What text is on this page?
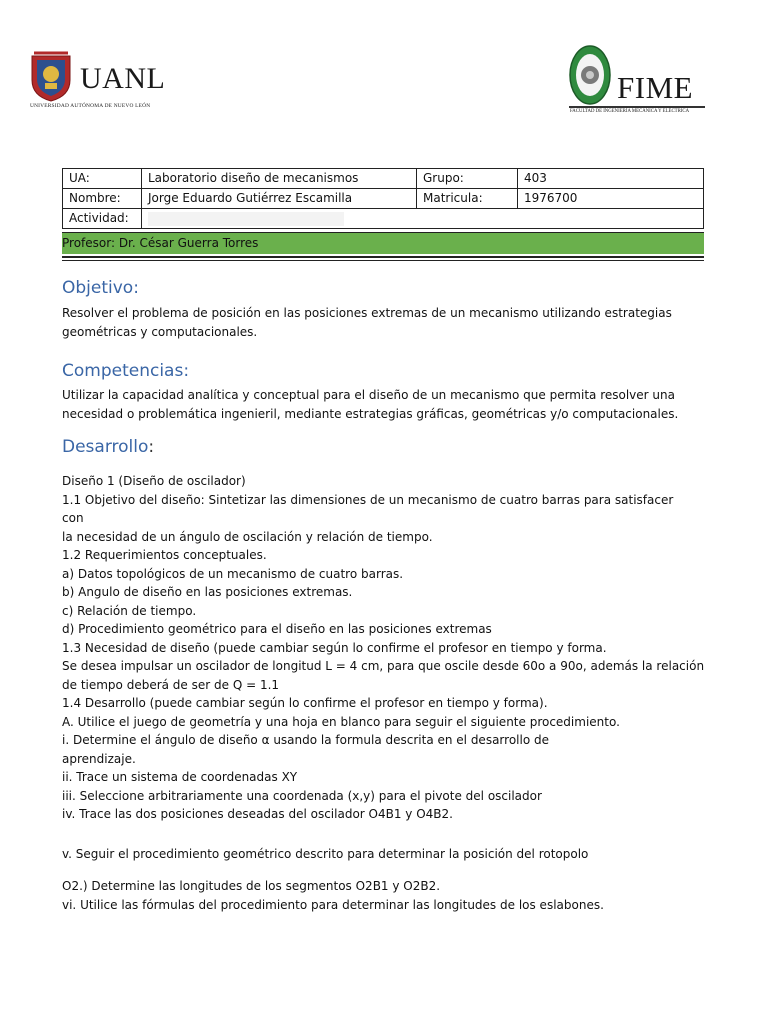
UANL
UNIVERSIDAD AUTÓNOMA DE NUEVO LEÓN
FIME
FACULTAD DE INGENIERÍA MECÁNICA Y ELÉCTRICA
UA:	Laboratorio diseño de mecanismos	Grupo:	403
Nombre:	Jorge Eduardo Gutiérrez Escamilla	Matricula:	1976700
Actividad:			
Profesor: Dr. César Guerra Torres
Objetivo:
Resolver el problema de posición en las posiciones extremas de un mecanismo utilizando estrategias
geométricas y computacionales.
Competencias:
Utilizar la capacidad analítica y conceptual para el diseño de un mecanismo que permita resolver una
necesidad o problemática ingenieril, mediante estrategias gráficas, geométricas y/o computacionales.
Desarrollo:
Diseño 1 (Diseño de oscilador)
1.1 Objetivo del diseño: Sintetizar las dimensiones de un mecanismo de cuatro barras para satisfacer
con
la necesidad de un ángulo de oscilación y relación de tiempo.
1.2 Requerimientos conceptuales.
a) Datos topológicos de un mecanismo de cuatro barras.
b) Angulo de diseño en las posiciones extremas.
c) Relación de tiempo.
d) Procedimiento geométrico para el diseño en las posiciones extremas
1.3 Necesidad de diseño (puede cambiar según lo confirme el profesor en tiempo y forma.
Se desea impulsar un oscilador de longitud L = 4 cm, para que oscile desde 60o a 90o, además la relación
de tiempo deberá de ser de Q = 1.1
1.4 Desarrollo (puede cambiar según lo confirme el profesor en tiempo y forma).
A. Utilice el juego de geometría y una hoja en blanco para seguir el siguiente procedimiento.
i. Determine el ángulo de diseño α usando la formula descrita en el desarrollo de
aprendizaje.
ii. Trace un sistema de coordenadas XY
iii. Seleccione arbitrariamente una coordenada (x,y) para el pivote del oscilador
iv. Trace las dos posiciones deseadas del oscilador O4B1 y O4B2.
v. Seguir el procedimiento geométrico descrito para determinar la posición del rotopolo
O2.) Determine las longitudes de los segmentos O2B1 y O2B2.
vi. Utilice las fórmulas del procedimiento para determinar las longitudes de los eslabones.
